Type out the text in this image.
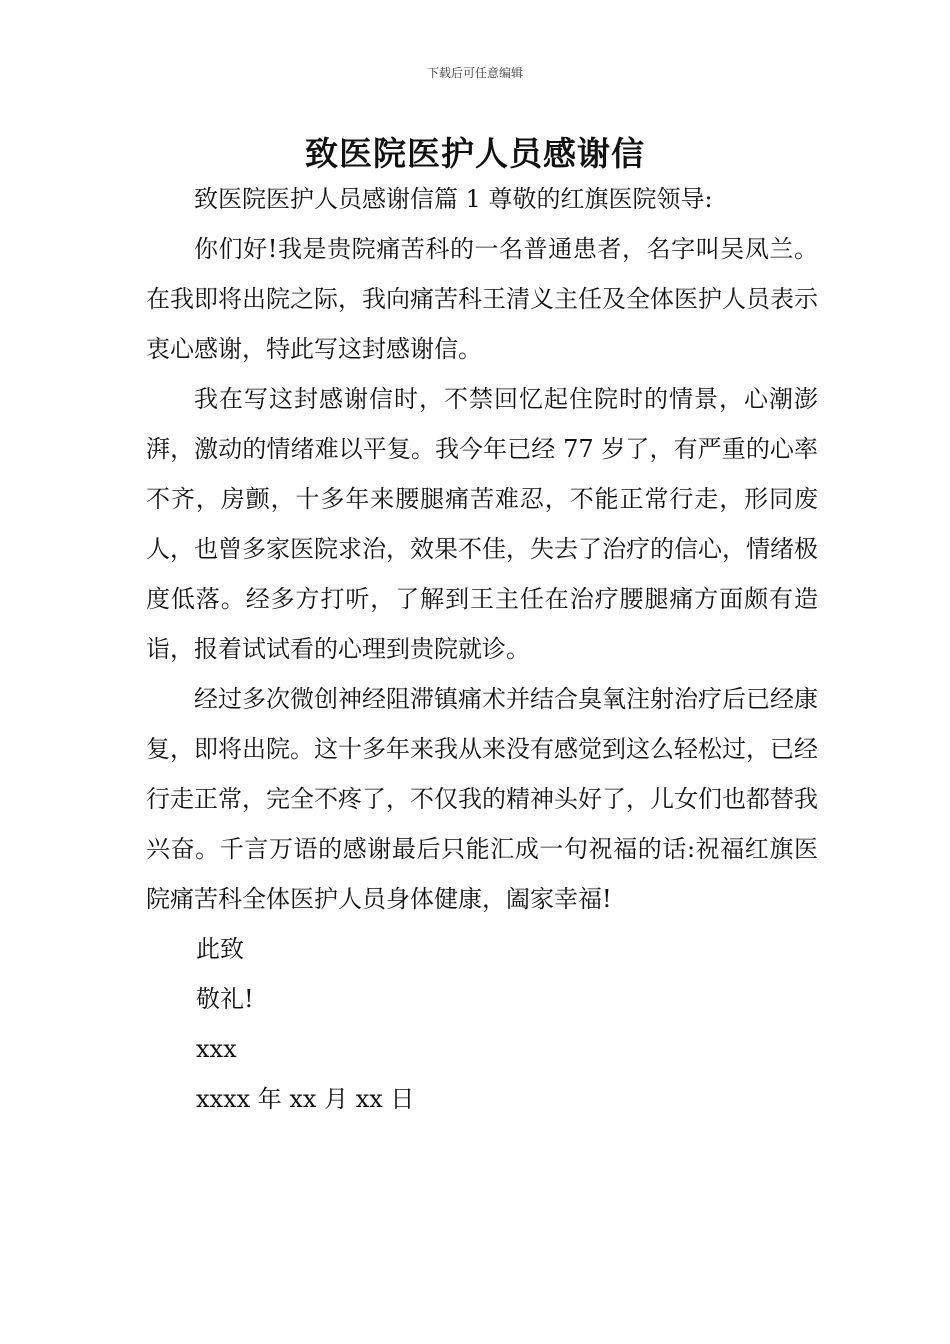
下载后可任意编辑
致医院医护人员感谢信

致医院医护人员感谢信篇 1 尊敬的红旗医院领导:

你们好!我是贵院痛苦科的一名普通患者，名字叫吴凤兰。在我即将出院之际，我向痛苦科王清义主任及全体医护人员表示衷心感谢，特此写这封感谢信。

我在写这封感谢信时，不禁回忆起住院时的情景，心潮澎湃，激动的情绪难以平复。我今年已经 77 岁了，有严重的心率不齐，房颤，十多年来腰腿痛苦难忍，不能正常行走，形同废人，也曾多家医院求治，效果不佳，失去了治疗的信心，情绪极度低落。经多方打听，了解到王主任在治疗腰腿痛方面颇有造诣，报着试试看的心理到贵院就诊。

经过多次微创神经阻滞镇痛术并结合臭氧注射治疗后已经康复，即将出院。这十多年来我从来没有感觉到这么轻松过，已经行走正常，完全不疼了，不仅我的精神头好了，儿女们也都替我兴奋。千言万语的感谢最后只能汇成一句祝福的话:祝福红旗医院痛苦科全体医护人员身体健康，阖家幸福!

此致
敬礼!
xxx
xxxx 年 xx 月 xx 日
